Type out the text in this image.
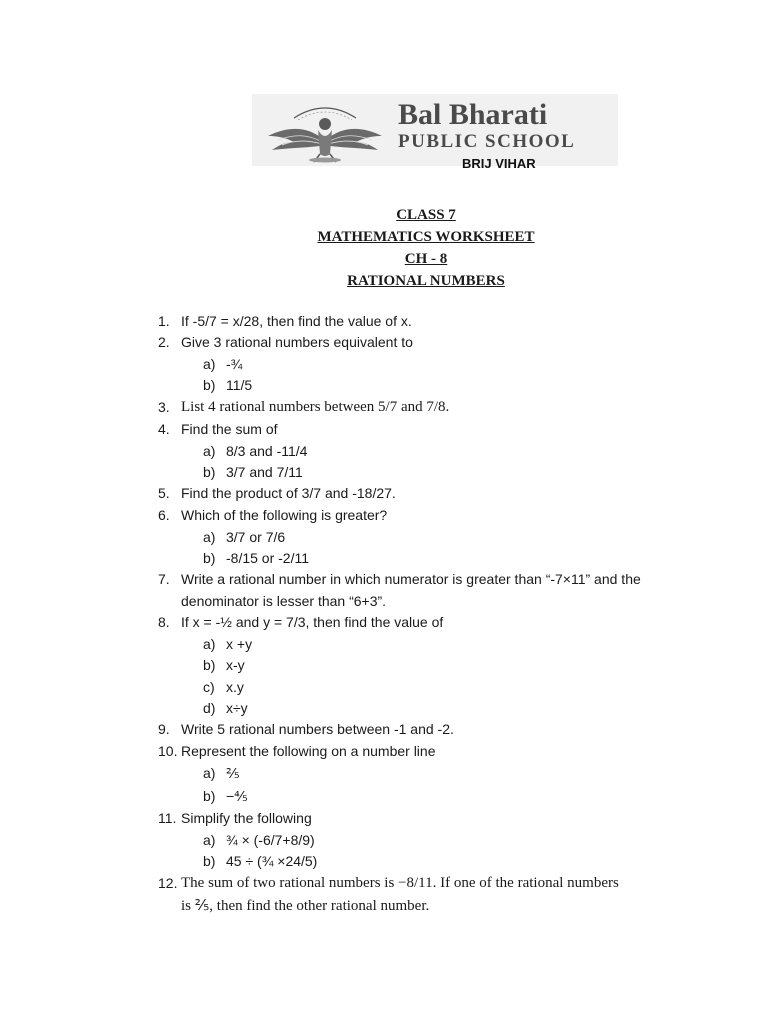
Bal Bharati
PUBLIC SCHOOL
BRIJ VIHAR
CLASS 7
MATHEMATICS WORKSHEET
CH - 8
RATIONAL NUMBERS
1. If -5/7 = x/28, then find the value of x.
2. Give 3 rational numbers equivalent to
a) -¾
b) 11/5
3. List 4 rational numbers between 5/7 and 7/8.
4. Find the sum of
a) 8/3 and -11/4
b) 3/7 and 7/11
5. Find the product of 3/7 and -18/27.
6. Which of the following is greater?
a) 3/7 or 7/6
b) -8/15 or -2/11
7. Write a rational number in which numerator is greater than “-7×11” and the
denominator is lesser than “6+3”.
8. If x = -½ and y = 7/3, then find the value of
a) x +y
b) x-y
c) x.y
d) x÷y
9. Write 5 rational numbers between -1 and -2.
10. Represent the following on a number line
a) ⅖
b) −⅘
11. Simplify the following
a) ¾ × (-6/7+8/9)
b) 45 ÷ (¾ ×24/5)
12. The sum of two rational numbers is −8/11. If one of the rational numbers
is ⅖, then find the other rational number.
